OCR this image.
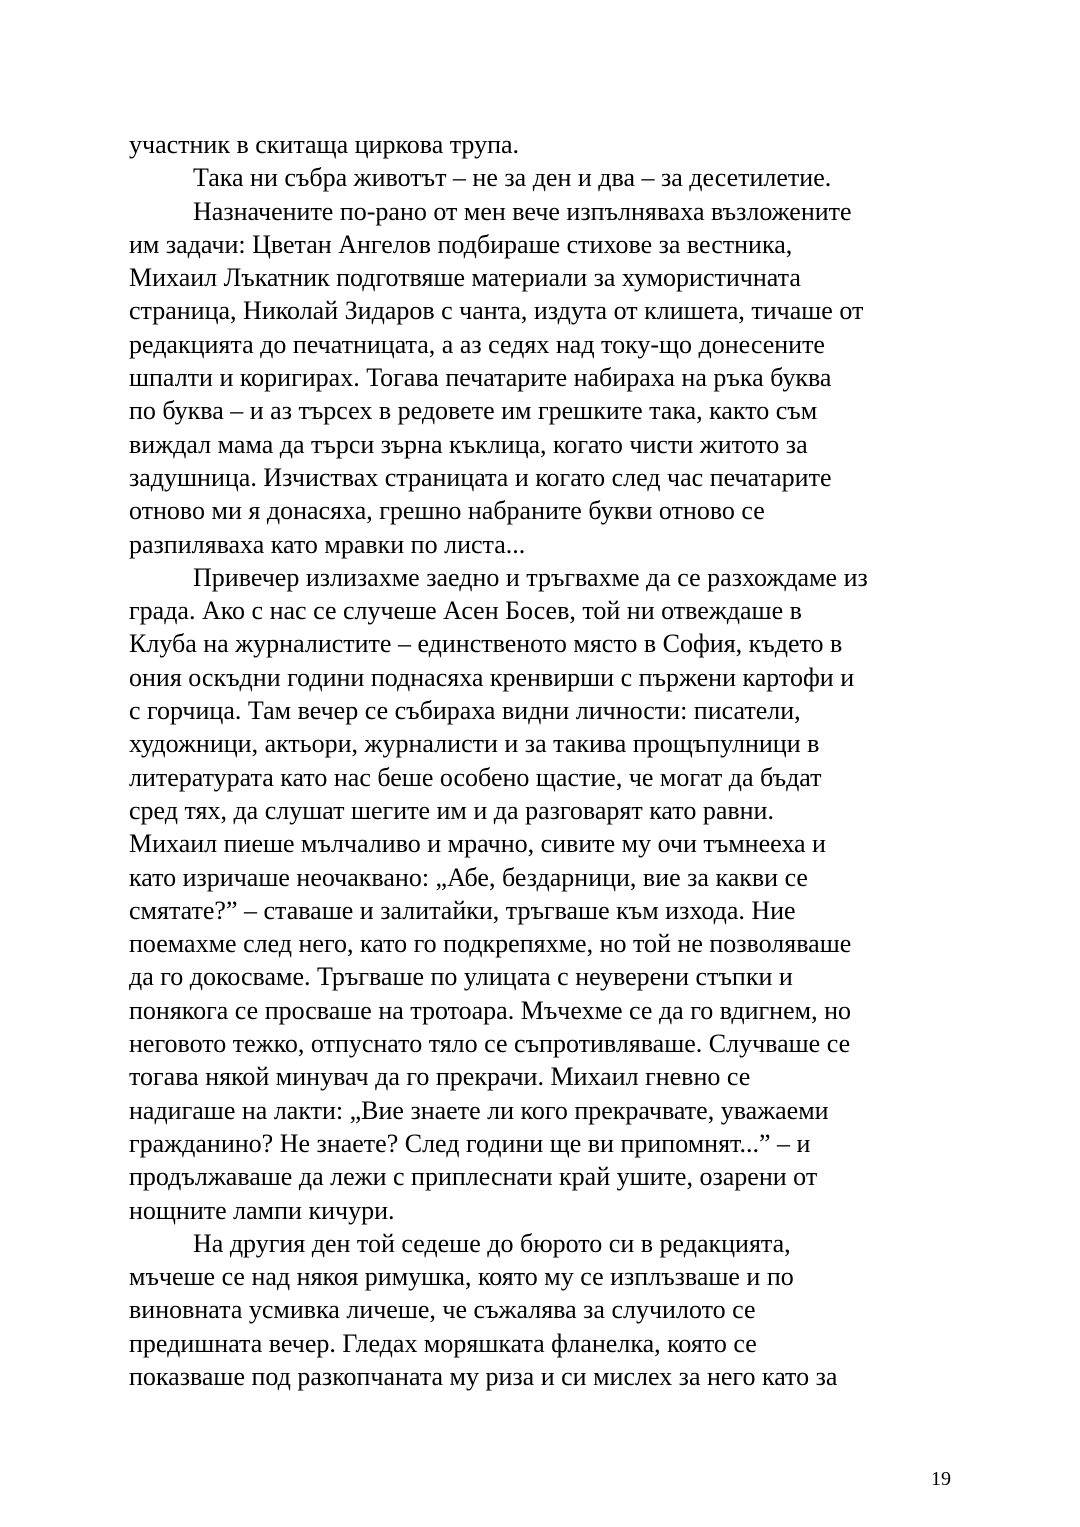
участник в скитаща циркова трупа.
Така ни събра животът – не за ден и два – за десетилетие.
Назначените по-рано от мен вече изпълняваха възложените
им задачи: Цветан Ангелов подбираше стихове за вестника,
Михаил Лъкатник подготвяше материали за хумористичната
страница, Николай Зидаров с чанта, издута от клишета, тичаше от
редакцията до печатницата, а аз седях над току-що донесените
шпалти и коригирах. Тогава печатарите набираха на ръка буква
по буква – и аз търсех в редовете им грешките така, както съм
виждал мама да търси зърна къклица, когато чисти житото за
задушница. Изчиствах страницата и когато след час печатарите
отново ми я донасяха, грешно набраните букви отново се
разпиляваха като мравки по листа...
Привечер излизахме заедно и тръгвахме да се разхождаме из
града. Ако с нас се случеше Асен Босев, той ни отвеждаше в
Клуба на журналистите – единственото място в София, където в
ония оскъдни години поднасяха кренвирши с пържени картофи и
с горчица. Там вечер се събираха видни личности: писатели,
художници, актьори, журналисти и за такива прощъпулници в
литературата като нас беше особено щастие, че могат да бъдат
сред тях, да слушат шегите им и да разговарят като равни.
Михаил пиеше мълчаливо и мрачно, сивите му очи тъмнееха и
като изричаше неочаквано: „Абе, бездарници, вие за какви се
смятате?” – ставаше и залитайки, тръгваше към изхода. Ние
поемахме след него, като го подкрепяхме, но той не позволяваше
да го докосваме. Тръгваше по улицата с неуверени стъпки и
понякога се просваше на тротоара. Мъчехме се да го вдигнем, но
неговото тежко, отпуснато тяло се съпротивляваше. Случваше се
тогава някой минувач да го прекрачи. Михаил гневно се
надигаше на лакти: „Вие знаете ли кого прекрачвате, уважаеми
гражданино? Не знаете? След години ще ви припомнят...” – и
продължаваше да лежи с приплеснати край ушите, озарени от
нощните лампи кичури.
На другия ден той седеше до бюрото си в редакцията,
мъчеше се над някоя римушка, която му се изплъзваше и по
виновната усмивка личеше, че съжалява за случилото се
предишната вечер. Гледах моряшката фланелка, която се
показваше под разкопчаната му риза и си мислех за него като за
19
